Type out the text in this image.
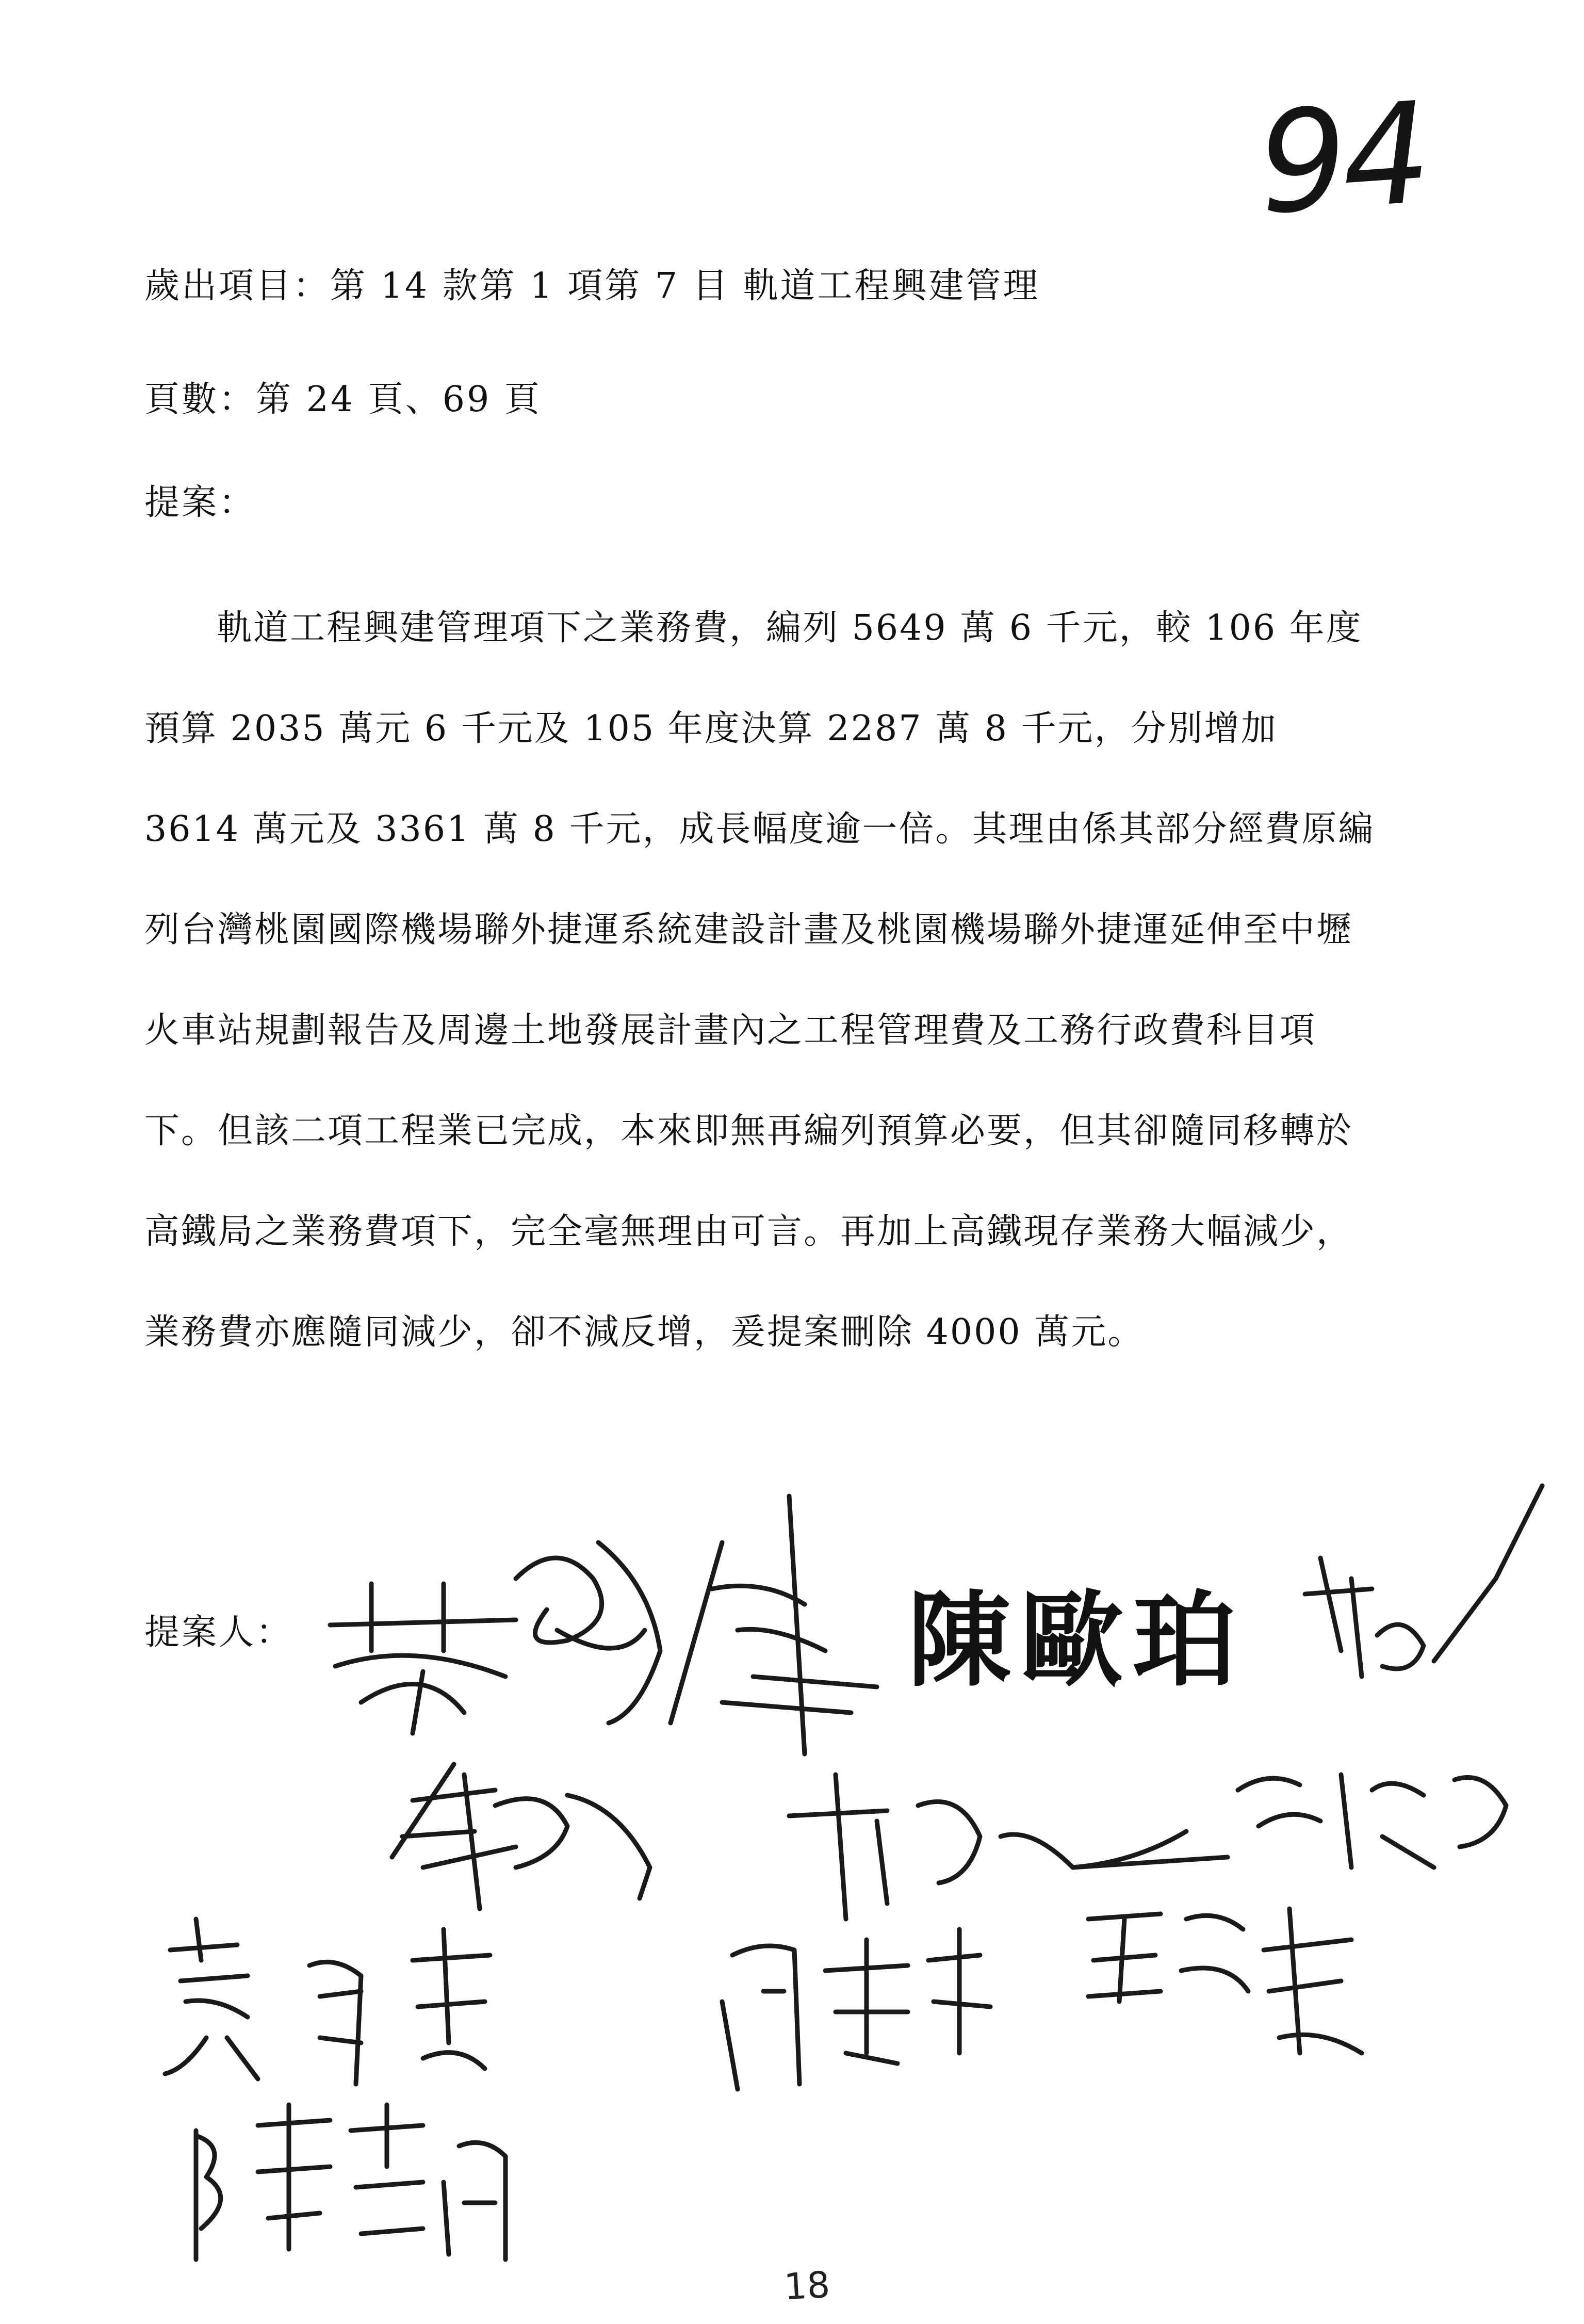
94
歲出項目：第 14 款第 1 項第 7 目 軌道工程興建管理
頁數：第 24 頁、69 頁
提案：

軌道工程興建管理項下之業務費，編列 5649 萬 6 千元，較 106 年度預算 2035 萬元 6 千元及 105 年度決算 2287 萬 8 千元，分別增加 3614 萬元及 3361 萬 8 千元，成長幅度逾一倍。其理由係其部分經費原編列台灣桃園國際機場聯外捷運系統建設計畫及桃園機場聯外捷運延伸至中壢火車站規劃報告及周邊土地發展計畫內之工程管理費及工務行政費科目項下。但該二項工程業已完成，本來即無再編列預算必要，但其卻隨同移轉於高鐵局之業務費項下，完全毫無理由可言。再加上高鐵現存業務大幅減少，業務費亦應隨同減少，卻不減反增，爰提案刪除 4000 萬元。

提案人：	陳歐珀
18
